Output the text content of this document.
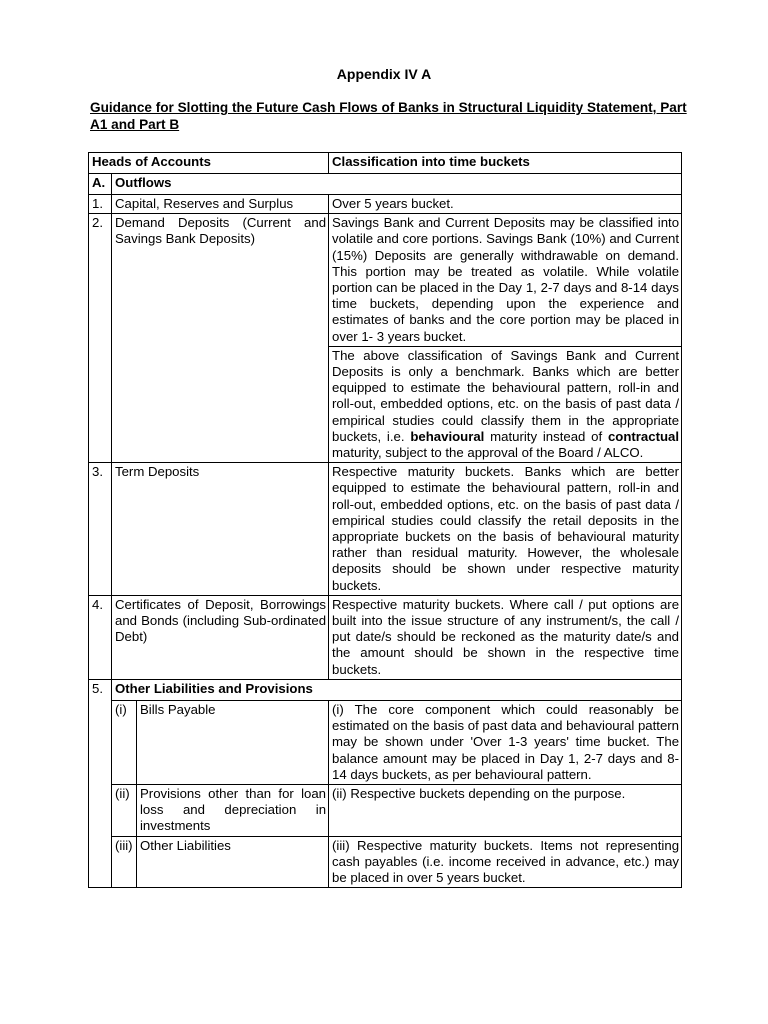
Appendix IV A
Guidance for Slotting the Future Cash Flows of Banks in Structural Liquidity Statement, Part A1 and Part B
Heads of Accounts			Classification into time buckets
A.	Outflows		
1.	Capital, Reserves and Surplus		Over 5 years bucket.
2.	Demand Deposits (Current and Savings Bank Deposits)		Savings Bank and Current Deposits may be classified into volatile and core portions. Savings Bank (10%) and Current (15%) Deposits are generally withdrawable on demand. This portion may be treated as volatile. While volatile portion can be placed in the Day 1, 2-7 days and 8-14 days time buckets, depending upon the experience and estimates of banks and the core portion may be placed in over 1- 3 years bucket.
			The above classification of Savings Bank and Current Deposits is only a benchmark. Banks which are better equipped to estimate the behavioural pattern, roll-in and roll-out, embedded options, etc. on the basis of past data / empirical studies could classify them in the appropriate buckets, i.e. behavioural maturity instead of contractual maturity, subject to the approval of the Board / ALCO.
3.	Term Deposits		Respective maturity buckets. Banks which are better equipped to estimate the behavioural pattern, roll-in and roll-out, embedded options, etc. on the basis of past data / empirical studies could classify the retail deposits in the appropriate buckets on the basis of behavioural maturity rather than residual maturity. However, the wholesale deposits should be shown under respective maturity buckets.
4.	Certificates of Deposit, Borrowings and Bonds (including Sub-ordinated Debt)		Respective maturity buckets. Where call / put options are built into the issue structure of any instrument/s, the call / put date/s should be reckoned as the maturity date/s and the amount should be shown in the respective time buckets.
5.	Other Liabilities and Provisions		
	(i)	Bills Payable	(i) The core component which could reasonably be estimated on the basis of past data and behavioural pattern may be shown under 'Over 1-3 years' time bucket. The balance amount may be placed in Day 1, 2-7 days and 8-14 days buckets, as per behavioural pattern.
	(ii)	Provisions other than for loan loss and depreciation in investments	(ii) Respective buckets depending on the purpose.
	(iii)	Other Liabilities	(iii) Respective maturity buckets. Items not representing cash payables (i.e. income received in advance, etc.) may be placed in over 5 years bucket.
